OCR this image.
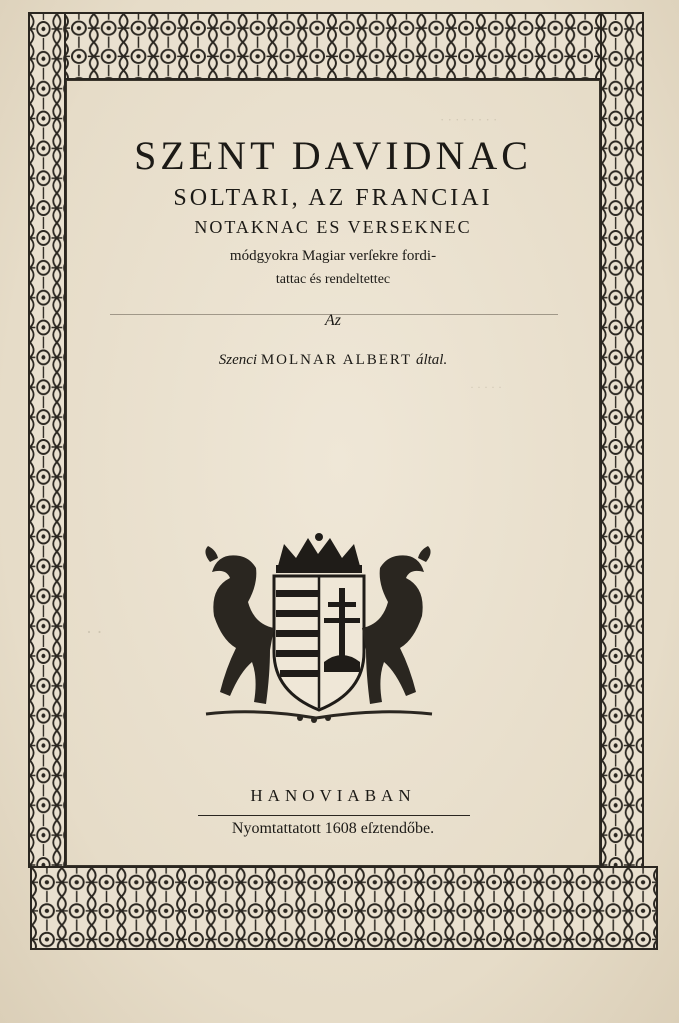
· · · · · · · ·
· · · · ·
· ·
SZENT DAVIDNAC
SOLTARI, AZ FRANCIAI
NOTAKNAC ES VERSEKNEC
módgyokra Magiar verſekre fordi-
tattac és rendeltettec
Az
Szenci MOLNAR ALBERT által.
HANOVIABAN
Nyomtattatott 1608 eſztendőbe.
